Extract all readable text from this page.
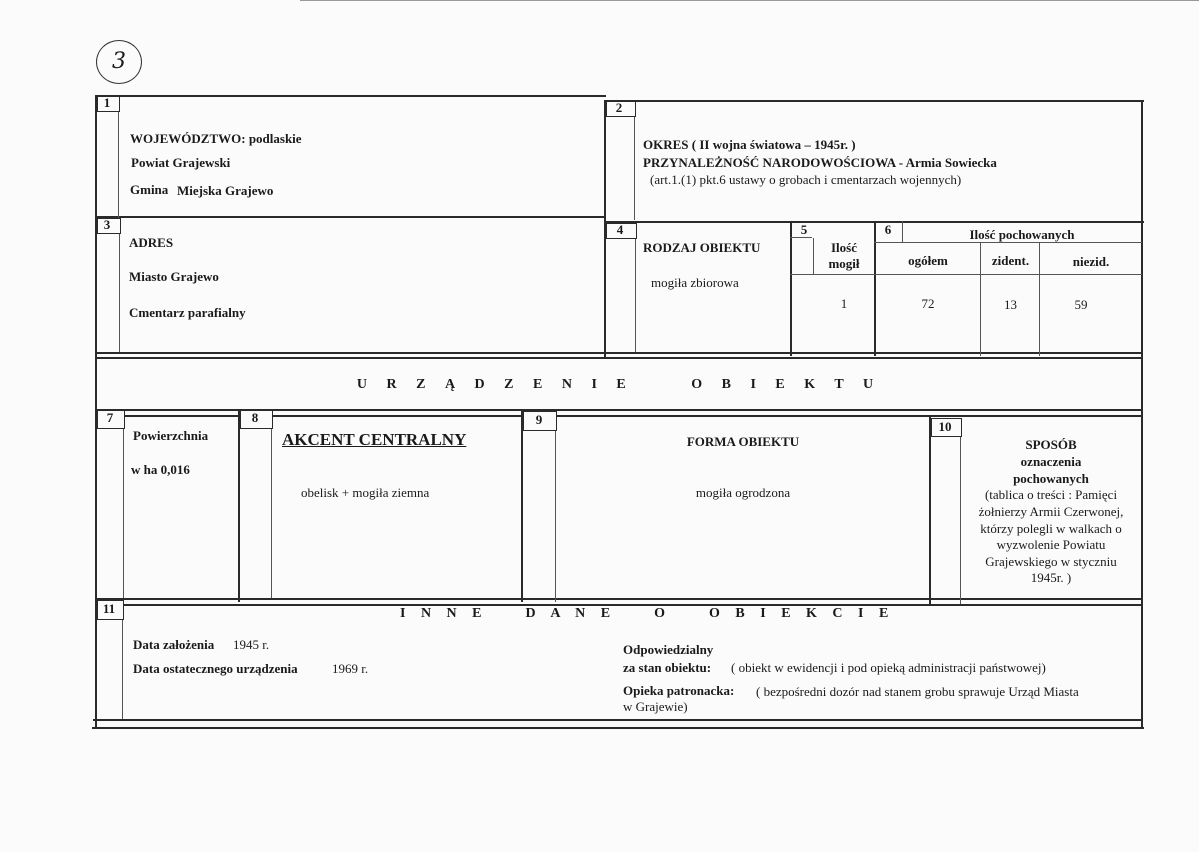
3
1	2
3	4	5	6
7	8	9	10
11
WOJEWÓDZTWO: podlaskie
Powiat Grajewski
Gmina Miejska Grajewo
OKRES ( II wojna światowa – 1945r. )
PRZYNALEŻNOŚĆ NARODOWOŚCIOWA - Armia Sowiecka
(art.1.(1) pkt.6 ustawy o grobach i cmentarzach wojennych)
ADRES
Miasto Grajewo
Cmentarz parafialny
RODZAJ OBIEKTU
mogiła zbiorowa
Ilość
mogił
1
Ilość pochowanych
ogółem	zident.	niezid.
72	13	59
U R Z Ą D Z E N I E     O B I E K T U
Powierzchnia
w ha 0,016
AKCENT CENTRALNY
obelisk + mogiła ziemna
FORMA OBIEKTU
mogiła ogrodzona
SPOSÓB
oznaczenia
pochowanych
(tablica o treści : Pamięci
żołnierzy Armii Czerwonej,
którzy polegli w walkach o
wyzwolenie Powiatu
Grajewskiego w styczniu
1945r. )
I N N E    D A N E    O    O B I E K C I E
Data założenia 1945 r.
Data ostatecznego urządzenia	1969 r.
Odpowiedzialny
za stan obiektu: ( obiekt w ewidencji i pod opieką administracji państwowej)
Opieka patronacka: ( bezpośredni dozór nad stanem grobu sprawuje Urząd Miasta
w Grajewie)
